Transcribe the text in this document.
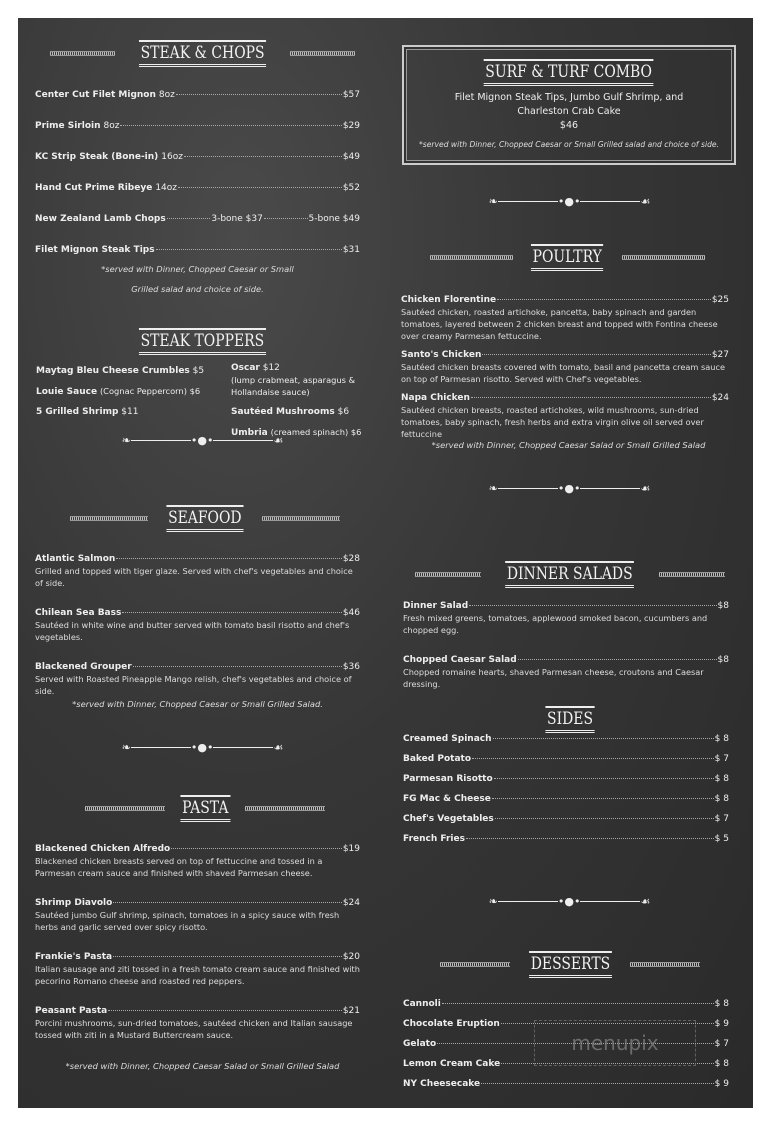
STEAK & CHOPS
Center Cut Filet Mignon 8oz	$57
Prime Sirloin 8oz	$29
KC Strip Steak (Bone-in) 16oz	$49
Hand Cut Prime Ribeye 14oz	$52
New Zealand Lamb Chops	3-bone $37	5-bone $49
Filet Mignon Steak Tips	$31
*served with Dinner, Chopped Caesar or Small
Grilled salad and choice of side.
STEAK TOPPERS
Maytag Bleu Cheese Crumbles $5
Louie Sauce (Cognac Peppercorn) $6
5 Grilled Shrimp $11
Oscar $12
(lump crabmeat, asparagus &
Hollandaise sauce)
Sautéed Mushrooms $6
Umbria (creamed spinach) $6
❧	•●•	☙
SEAFOOD
Atlantic Salmon	$28
Grilled and topped with tiger glaze. Served with chef's vegetables and choice of side.
Chilean Sea Bass	$46
Sautéed in white wine and butter served with tomato basil risotto and chef's vegetables.
Blackened Grouper	$36
Served with Roasted Pineapple Mango relish, chef's vegetables and choice of side.
*served with Dinner, Chopped Caesar or Small Grilled Salad.
❧	•●•	☙
PASTA
Blackened Chicken Alfredo	$19
Blackened chicken breasts served on top of fettuccine and tossed in a Parmesan cream sauce and finished with shaved Parmesan cheese.
Shrimp Diavolo	$24
Sautéed jumbo Gulf shrimp, spinach, tomatoes in a spicy sauce with fresh herbs and garlic served over spicy risotto.
Frankie's Pasta	$20
Italian sausage and ziti tossed in a fresh tomato cream sauce and finished with pecorino Romano cheese and roasted red peppers.
Peasant Pasta	$21
Porcini mushrooms, sun-dried tomatoes, sautéed chicken and Italian sausage tossed with ziti in a Mustard Buttercream sauce.
*served with Dinner, Chopped Caesar Salad or Small Grilled Salad
SURF & TURF COMBO
Filet Mignon Steak Tips, Jumbo Gulf Shrimp, and
Charleston Crab Cake
$46
*served with Dinner, Chopped Caesar or Small Grilled salad and choice of side.
❧	•●•	☙
POULTRY
Chicken Florentine	$25
Sautéed chicken, roasted artichoke, pancetta, baby spinach and garden tomatoes, layered between 2 chicken breast and topped with Fontina cheese over creamy Parmesan fettuccine.
Santo's Chicken	$27
Sautéed chicken breasts covered with tomato, basil and pancetta cream sauce on top of Parmesan risotto. Served with Chef's vegetables.
Napa Chicken	$24
Sautéed chicken breasts, roasted artichokes, wild mushrooms, sun-dried tomatoes, baby spinach, fresh herbs and extra virgin olive oil served over fettuccine
*served with Dinner, Chopped Caesar Salad or Small Grilled Salad
❧	•●•	☙
DINNER SALADS
Dinner Salad	$8
Fresh mixed greens, tomatoes, applewood smoked bacon, cucumbers and chopped egg.
Chopped Caesar Salad	$8
Chopped romaine hearts, shaved Parmesan cheese, croutons and Caesar dressing.
SIDES
Creamed Spinach	$ 8
Baked Potato	$ 7
Parmesan Risotto	$ 8
FG Mac & Cheese	$ 8
Chef's Vegetables	$ 7
French Fries	$ 5
❧	•●•	☙
DESSERTS
Cannoli	$ 8
Chocolate Eruption	$ 9
Gelato	$ 7
Lemon Cream Cake	$ 8
NY Cheesecake	$ 9
menupix
